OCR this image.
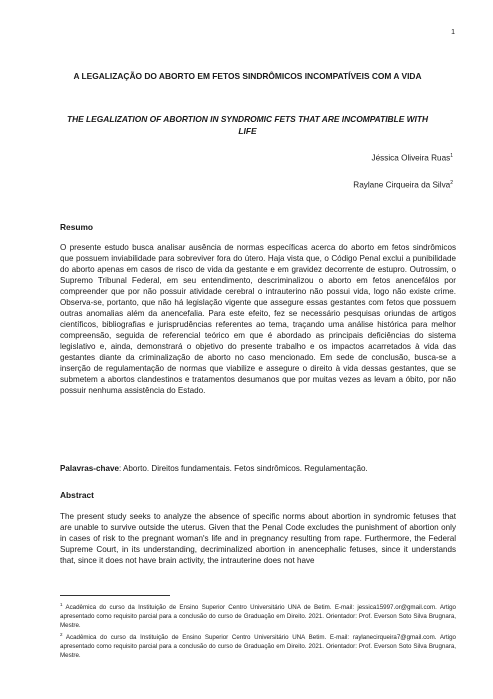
1
A LEGALIZAÇÃO DO ABORTO EM FETOS SINDRÔMICOS INCOMPATÍVEIS COM A VIDA
THE LEGALIZATION OF ABORTION IN SYNDROMIC FETS THAT ARE INCOMPATIBLE WITH LIFE
Jéssica Oliveira Ruas$^1$
Raylane Cirqueira da Silva$^2$
Resumo

O presente estudo busca analisar ausência de normas específicas acerca do aborto em fetos sindrômicos que possuem inviabilidade para sobreviver fora do útero. Haja vista que, o Código Penal exclui a punibilidade do aborto apenas em casos de risco de vida da gestante e em gravidez decorrente de estupro. Outrossim, o Supremo Tribunal Federal, em seu entendimento, descriminalizou o aborto em fetos anencefálos por compreender que por não possuir atividade cerebral o intrauterino não possui vida, logo não existe crime. Observa-se, portanto, que não há legislação vigente que assegure essas gestantes com fetos que possuem outras anomalias além da anencefalia. Para este efeito, fez se necessário pesquisas oriundas de artigos científicos, bibliografias e jurisprudências referentes ao tema, traçando uma análise histórica para melhor compreensão, seguida de referencial teórico em que é abordado as principais deficiências do sistema legislativo e, ainda, demonstrará o objetivo do presente trabalho e os impactos acarretados à vida das gestantes diante da criminalização de aborto no caso mencionado. Em sede de conclusão, busca-se a inserção de regulamentação de normas que viabilize e assegure o direito à vida dessas gestantes, que se submetem a abortos clandestinos e tratamentos desumanos que por muitas vezes as levam a óbito, por não possuir nenhuma assistência do Estado.

Palavras-chave: Aborto. Direitos fundamentais. Fetos sindrômicos. Regulamentação.

Abstract

The present study seeks to analyze the absence of specific norms about abortion in syndromic fetuses that are unable to survive outside the uterus. Given that the Penal Code excludes the punishment of abortion only in cases of risk to the pregnant woman's life and in pregnancy resulting from rape. Furthermore, the Federal Supreme Court, in its understanding, decriminalized abortion in anencephalic fetuses, since it understands that, since it does not have brain activity, the intrauterine does not have

$^1$ Acadêmica do curso da Instituição de Ensino Superior Centro Universitário UNA de Betim. E-mail: jessica15997.or@gmail.com. Artigo apresentado como requisito parcial para a conclusão do curso de Graduação em Direito. 2021. Orientador: Prof. Everson Soto Silva Brugnara, Mestre.

$^2$ Acadêmica do curso da Instituição de Ensino Superior Centro Universitário UNA Betim. E-mail: raylanecirqueira7@gmail.com. Artigo apresentado como requisito parcial para a conclusão do curso de Graduação em Direito. 2021. Orientador: Prof. Everson Soto Silva Brugnara, Mestre.
